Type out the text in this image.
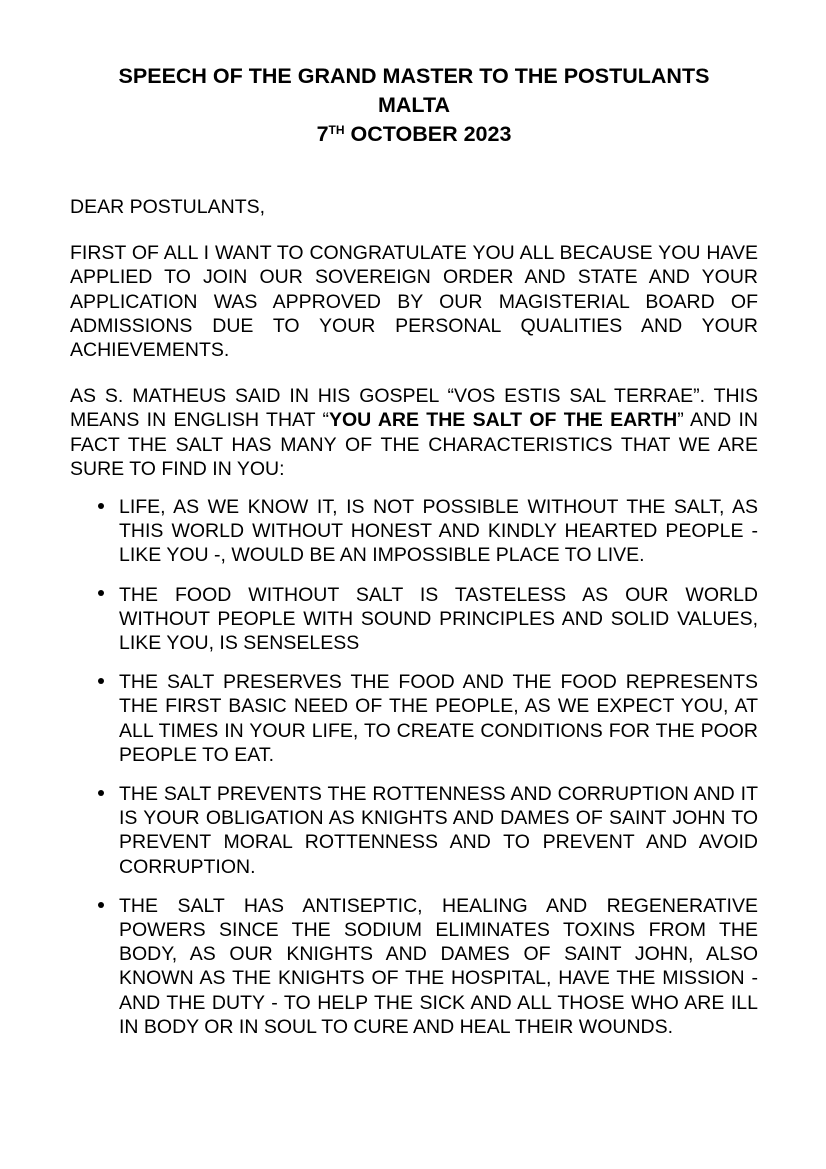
SPEECH OF THE GRAND MASTER TO THE POSTULANTS
MALTA
7TH OCTOBER 2023
DEAR POSTULANTS,
FIRST OF ALL I WANT TO CONGRATULATE YOU ALL BECAUSE YOU HAVE APPLIED TO JOIN OUR SOVEREIGN ORDER AND STATE AND YOUR APPLICATION WAS APPROVED BY OUR MAGISTERIAL BOARD OF ADMISSIONS DUE TO YOUR PERSONAL QUALITIES AND YOUR ACHIEVEMENTS.
AS S. MATHEUS SAID IN HIS GOSPEL “VOS ESTIS SAL TERRAE”. THIS MEANS IN ENGLISH THAT “YOU ARE THE SALT OF THE EARTH” AND IN FACT THE SALT HAS MANY OF THE CHARACTERISTICS THAT WE ARE SURE TO FIND IN YOU:
LIFE, AS WE KNOW IT, IS NOT POSSIBLE WITHOUT THE SALT, AS THIS WORLD WITHOUT HONEST AND KINDLY HEARTED PEOPLE - LIKE YOU -, WOULD BE AN IMPOSSIBLE PLACE TO LIVE.
THE FOOD WITHOUT SALT IS TASTELESS AS OUR WORLD WITHOUT PEOPLE WITH SOUND PRINCIPLES AND SOLID VALUES, LIKE YOU, IS SENSELESS
THE SALT PRESERVES THE FOOD AND THE FOOD REPRESENTS THE FIRST BASIC NEED OF THE PEOPLE, AS WE EXPECT YOU, AT ALL TIMES IN YOUR LIFE, TO CREATE CONDITIONS FOR THE POOR PEOPLE TO EAT.
THE SALT PREVENTS THE ROTTENNESS AND CORRUPTION AND IT IS YOUR OBLIGATION AS KNIGHTS AND DAMES OF SAINT JOHN TO PREVENT MORAL ROTTENNESS AND TO PREVENT AND AVOID CORRUPTION.
THE SALT HAS ANTISEPTIC, HEALING AND REGENERATIVE POWERS SINCE THE SODIUM ELIMINATES TOXINS FROM THE BODY, AS OUR KNIGHTS AND DAMES OF SAINT JOHN, ALSO KNOWN AS THE KNIGHTS OF THE HOSPITAL, HAVE THE MISSION - AND THE DUTY - TO HELP THE SICK AND ALL THOSE WHO ARE ILL IN BODY OR IN SOUL TO CURE AND HEAL THEIR WOUNDS.
